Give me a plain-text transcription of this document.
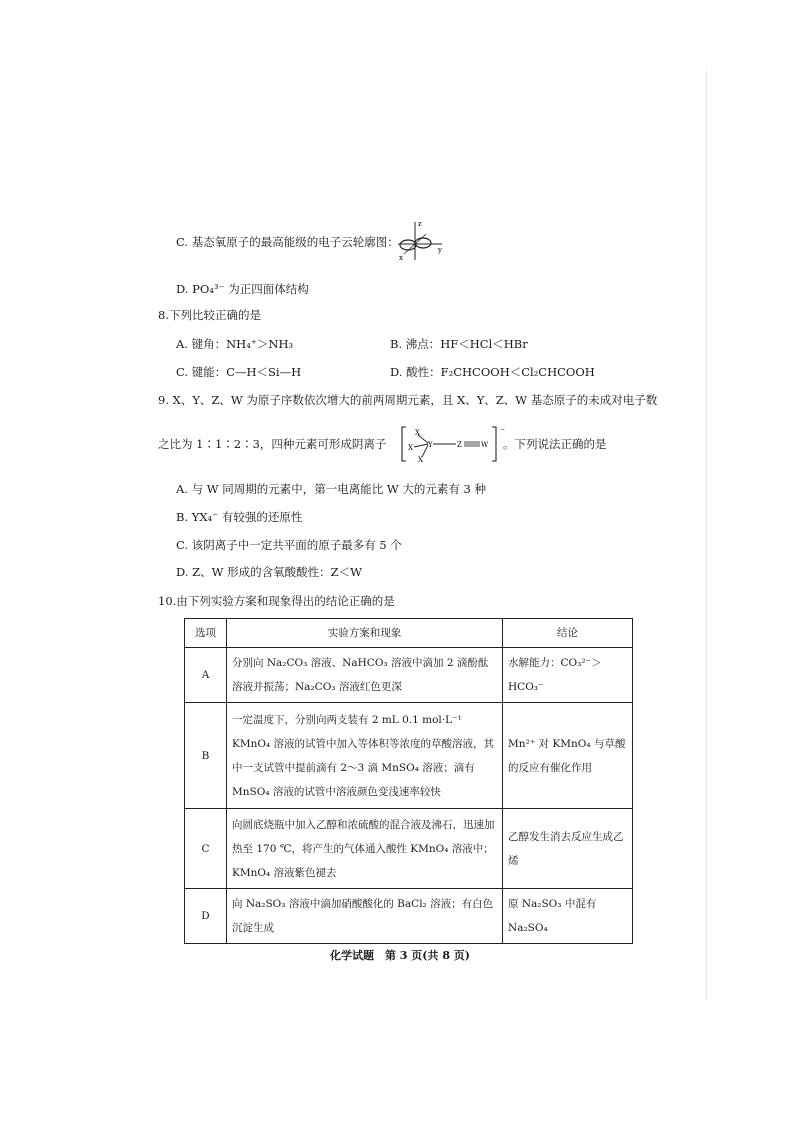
C. 基态氧原子的最高能级的电子云轮廓图：
z
x
y
D. PO₄³⁻ 为正四面体结构
8.下列比较正确的是
A. 键角：NH₄⁺＞NH₃	B. 沸点：HF＜HCl＜HBr
C. 键能：C—H＜Si—H	D. 酸性：F₂CHCOOH＜Cl₂CHCOOH
9. X、Y、Z、W 为原子序数依次增大的前两周期元素，且 X、Y、Z、W 基态原子的未成对电子数
之比为 1∶1∶2∶3，四种元素可形成阴离子
−
X
X
X
Y	Z	W 。下列说法正确的是
A. 与 W 同周期的元素中，第一电离能比 W 大的元素有 3 种
B. YX₄⁻ 有较强的还原性
C. 该阴离子中一定共平面的原子最多有 5 个
D. Z、W 形成的含氧酸酸性：Z＜W
10.由下列实验方案和现象得出的结论正确的是
选项	实验方案和现象	结论
A	分别向 Na₂CO₃ 溶液、NaHCO₃ 溶液中滴加 2 滴酚酞溶液并振荡；Na₂CO₃ 溶液红色更深	水解能力：CO₃²⁻＞HCO₃⁻
B	一定温度下，分别向两支装有 2 mL 0.1 mol·L⁻¹ KMnO₄ 溶液的试管中加入等体积等浓度的草酸溶液，其中一支试管中提前滴有 2～3 滴 MnSO₄ 溶液；滴有 MnSO₄ 溶液的试管中溶液颜色变浅速率较快	Mn²⁺ 对 KMnO₄ 与草酸的反应有催化作用
C	向圆底烧瓶中加入乙醇和浓硫酸的混合液及沸石，迅速加热至 170 ℃，将产生的气体通入酸性 KMnO₄ 溶液中；KMnO₄ 溶液紫色褪去	乙醇发生消去反应生成乙烯
D	向 Na₂SO₃ 溶液中滴加硝酸酸化的 BaCl₂ 溶液；有白色沉淀生成	原 Na₂SO₃ 中混有 Na₂SO₄
化学试题　第 3 页(共 8 页)
